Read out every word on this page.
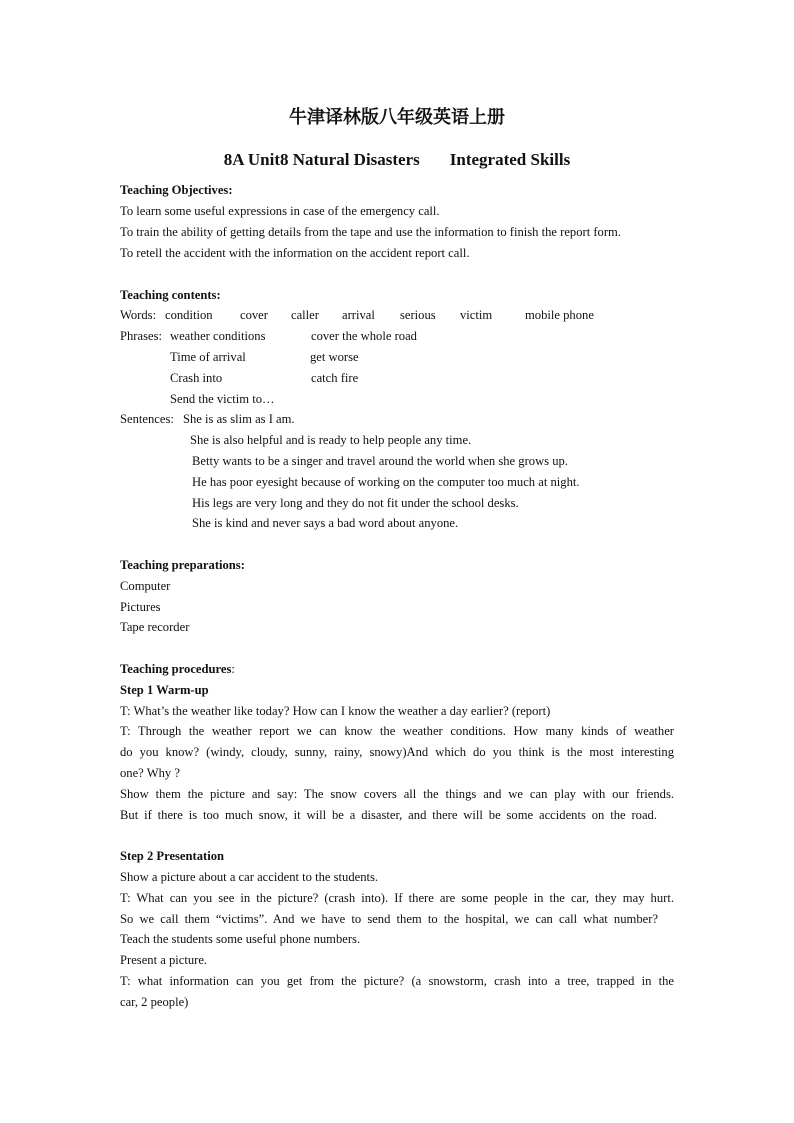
牛津译林版八年级英语上册
8A Unit8 Natural Disasters Integrated Skills
Teaching Objectives:
To learn some useful expressions in case of the emergency call.
To train the ability of getting details from the tape and use the information to finish the report form.
To retell the accident with the information on the accident report call.
Teaching contents:
Words: condition cover caller arrival serious victim	mobile phone
Phrases: weather conditions	cover the whole road
Time of arrival	get worse
Crash into	catch fire
Send the victim to…
Sentences: She is as slim as I am.
She is also helpful and is ready to help people any time.
Betty wants to be a singer and travel around the world when she grows up.
He has poor eyesight because of working on the computer too much at night.
His legs are very long and they do not fit under the school desks.
She is kind and never says a bad word about anyone.
Teaching preparations:
Computer
Pictures
Tape recorder
Teaching procedures:
Step 1 Warm-up
T: What’s the weather like today? How can I know the weather a day earlier? (report)
T: Through the weather report we can know the weather conditions. How many kinds of weather
do you know? (windy, cloudy, sunny, rainy, snowy)And which do you think is the most interesting
one? Why ?
Show them the picture and say: The snow covers all the things and we can play with our friends.
But if there is too much snow, it will be a disaster, and there will be some accidents on the road.
Step 2 Presentation
Show a picture about a car accident to the students.
T: What can you see in the picture? (crash into). If there are some people in the car, they may hurt.
So we call them “victims”. And we have to send them to the hospital, we can call what number?
Teach the students some useful phone numbers.
Present a picture.
T: what information can you get from the picture? (a snowstorm, crash into a tree, trapped in the
car, 2 people)
